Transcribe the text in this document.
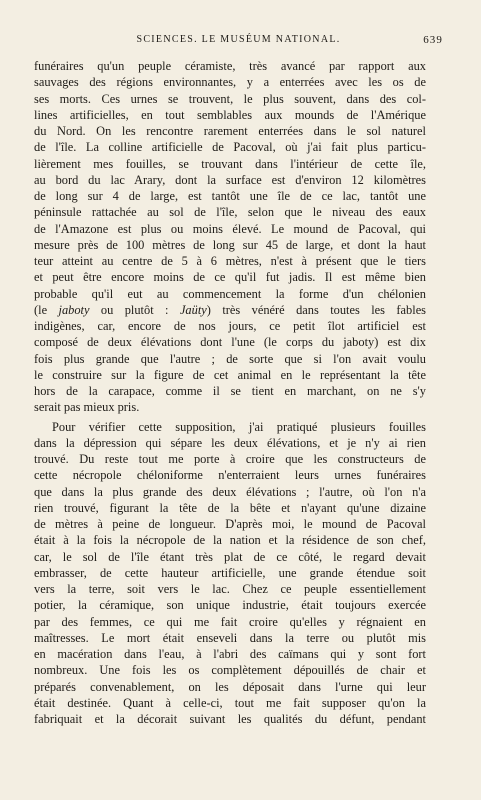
SCIENCES. LE MUSÉUM NATIONAL.	639
funéraires qu'un peuple céramiste, très avancé par rapport aux
sauvages des régions environnantes, y a enterrées avec les os de
ses morts. Ces urnes se trouvent, le plus souvent, dans des col-
lines artificielles, en tout semblables aux mounds de l'Amérique
du Nord. On les rencontre rarement enterrées dans le sol naturel
de l'île. La colline artificielle de Pacoval, où j'ai fait plus particu-
lièrement mes fouilles, se trouvant dans l'intérieur de cette île,
au bord du lac Arary, dont la surface est d'environ 12 kilomètres
de long sur 4 de large, est tantôt une île de ce lac, tantôt une
péninsule rattachée au sol de l'île, selon que le niveau des eaux
de l'Amazone est plus ou moins élevé. Le mound de Pacoval, qui
mesure près de 100 mètres de long sur 45 de large, et dont la haut
teur atteint au centre de 5 à 6 mètres, n'est à présent que le tiers
et peut être encore moins de ce qu'il fut jadis. Il est même bien
probable qu'il eut au commencement la forme d'un chélonien
(le jaboty ou plutôt : Jaüty) très vénéré dans toutes les fables
indigènes, car, encore de nos jours, ce petit îlot artificiel est
composé de deux élévations dont l'une (le corps du jaboty) est dix
fois plus grande que l'autre ; de sorte que si l'on avait voulu
le construire sur la figure de cet animal en le représentant la tête
hors de la carapace, comme il se tient en marchant, on ne s'y
serait pas mieux pris.
Pour vérifier cette supposition, j'ai pratiqué plusieurs fouilles
dans la dépression qui sépare les deux élévations, et je n'y ai rien
trouvé. Du reste tout me porte à croire que les constructeurs de
cette nécropole chéloniforme n'enterraient leurs urnes funéraires
que dans la plus grande des deux élévations ; l'autre, où l'on n'a
rien trouvé, figurant la tête de la bête et n'ayant qu'une dizaine
de mètres à peine de longueur. D'après moi, le mound de Pacoval
était à la fois la nécropole de la nation et la résidence de son chef,
car, le sol de l'île étant très plat de ce côté, le regard devait
embrasser, de cette hauteur artificielle, une grande étendue soit
vers la terre, soit vers le lac. Chez ce peuple essentiellement
potier, la céramique, son unique industrie, était toujours exercée
par des femmes, ce qui me fait croire qu'elles y régnaient en
maîtresses. Le mort était enseveli dans la terre ou plutôt mis
en macération dans l'eau, à l'abri des caïmans qui y sont fort
nombreux. Une fois les os complètement dépouillés de chair et
préparés convenablement, on les déposait dans l'urne qui leur
était destinée. Quant à celle-ci, tout me fait supposer qu'on la
fabriquait et la décorait suivant les qualités du défunt, pendant
